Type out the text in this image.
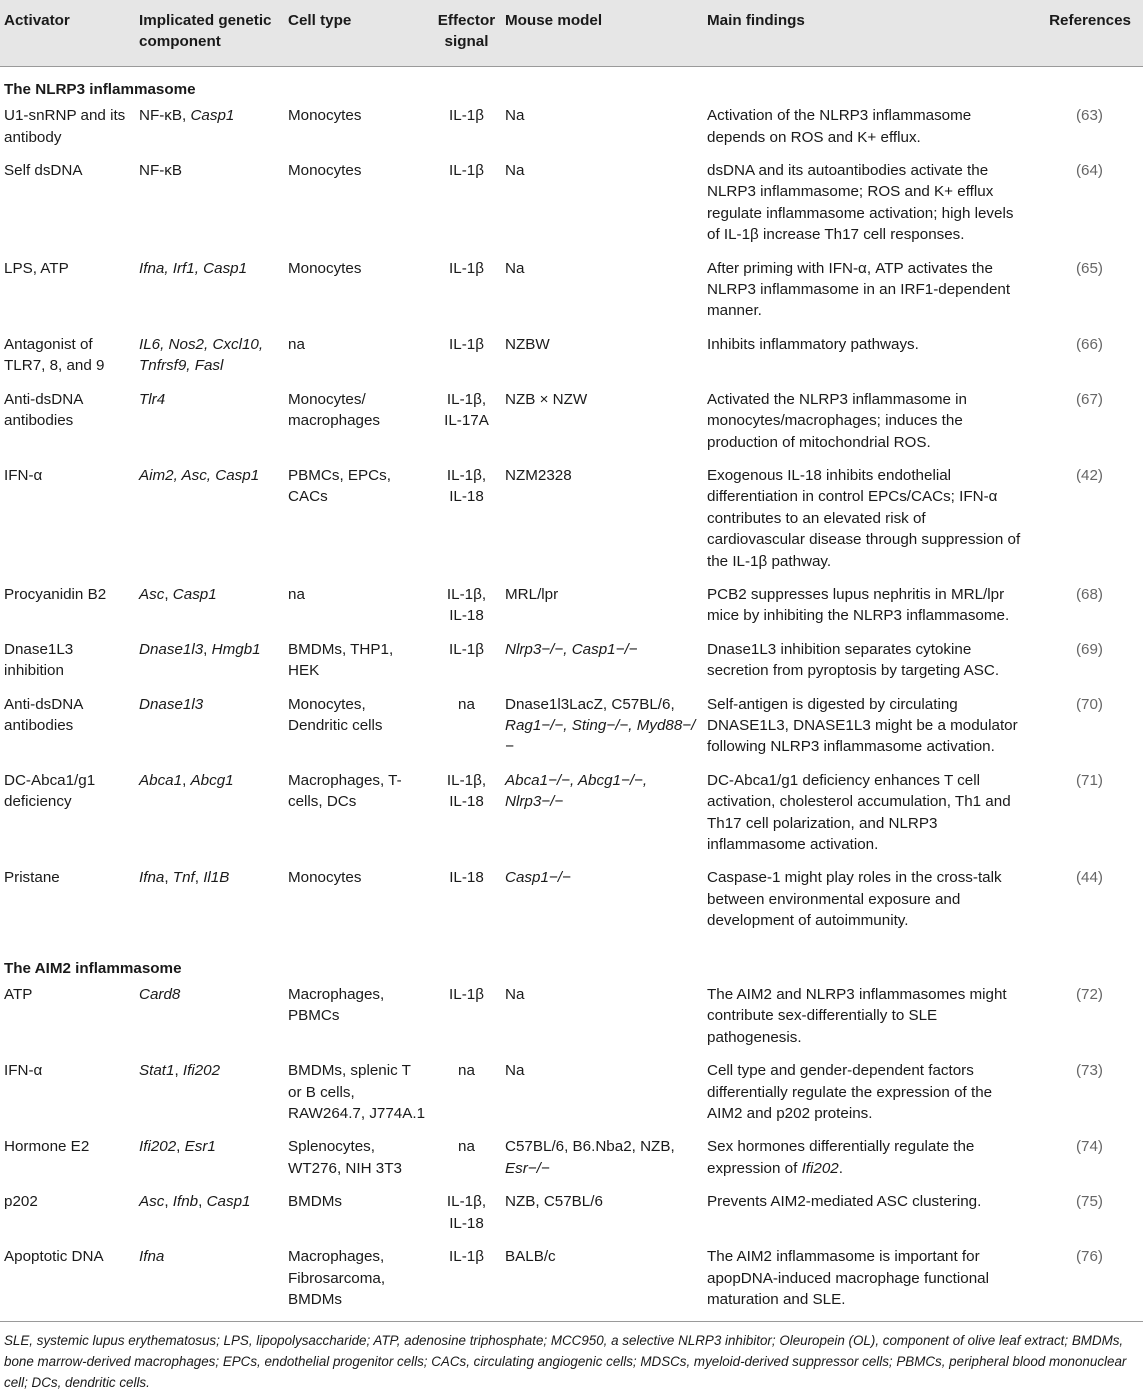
Activator	Implicated genetic component	Cell type	Effector signal	Mouse model	Main findings	References
The NLRP3 inflammasome						
U1-snRNP and its antibody	NF-κB, Casp1	Monocytes	IL-1β	Na	Activation of the NLRP3 inflammasome depends on ROS and K+ efflux.	(63)
Self dsDNA	NF-κB	Monocytes	IL-1β	Na	dsDNA and its autoantibodies activate the NLRP3 inflammasome; ROS and K+ efflux regulate inflammasome activation; high levels of IL-1β increase Th17 cell responses.	(64)
LPS, ATP	Ifna, Irf1, Casp1	Monocytes	IL-1β	Na	After priming with IFN-α, ATP activates the NLRP3 inflammasome in an IRF1-dependent manner.	(65)
Antagonist of TLR7, 8, and 9	IL6, Nos2, Cxcl10, Tnfrsf9, Fasl	na	IL-1β	NZBW	Inhibits inflammatory pathways.	(66)
Anti-dsDNA antibodies	Tlr4	Monocytes/ macrophages	IL-1β, IL-17A	NZB × NZW	Activated the NLRP3 inflammasome in monocytes/macrophages; induces the production of mitochondrial ROS.	(67)
IFN-α	Aim2, Asc, Casp1	PBMCs, EPCs, CACs	IL-1β, IL-18	NZM2328	Exogenous IL-18 inhibits endothelial differentiation in control EPCs/CACs; IFN-α contributes to an elevated risk of cardiovascular disease through suppression of the IL-1β pathway.	(42)
Procyanidin B2	Asc, Casp1	na	IL-1β, IL-18	MRL/lpr	PCB2 suppresses lupus nephritis in MRL/lpr mice by inhibiting the NLRP3 inflammasome.	(68)
Dnase1L3 inhibition	Dnase1l3, Hmgb1	BMDMs, THP1, HEK	IL-1β	Nlrp3−/−, Casp1−/−	Dnase1L3 inhibition separates cytokine secretion from pyroptosis by targeting ASC.	(69)
Anti-dsDNA antibodies	Dnase1l3	Monocytes, Dendritic cells	na	Dnase1l3LacZ, C57BL/6, Rag1−/−, Sting−/−, Myd88−/−	Self-antigen is digested by circulating DNASE1L3, DNASE1L3 might be a modulator following NLRP3 inflammasome activation.	(70)
DC-Abca1/g1 deficiency	Abca1, Abcg1	Macrophages, T-cells, DCs	IL-1β, IL-18	Abca1−/−, Abcg1−/−, Nlrp3−/−	DC-Abca1/g1 deficiency enhances T cell activation, cholesterol accumulation, Th1 and Th17 cell polarization, and NLRP3 inflammasome activation.	(71)
Pristane	Ifna, Tnf, Il1B	Monocytes	IL-18	Casp1−/−	Caspase-1 might play roles in the cross-talk between environmental exposure and development of autoimmunity.	(44)
The AIM2 inflammasome						
ATP	Card8	Macrophages, PBMCs	IL-1β	Na	The AIM2 and NLRP3 inflammasomes might contribute sex-differentially to SLE pathogenesis.	(72)
IFN-α	Stat1, Ifi202	BMDMs, splenic T or B cells, RAW264.7, J774A.1	na	Na	Cell type and gender-dependent factors differentially regulate the expression of the AIM2 and p202 proteins.	(73)
Hormone E2	Ifi202, Esr1	Splenocytes, WT276, NIH 3T3	na	C57BL/6, B6.Nba2, NZB, Esr−/−	Sex hormones differentially regulate the expression of Ifi202.	(74)
p202	Asc, Ifnb, Casp1	BMDMs	IL-1β, IL-18	NZB, C57BL/6	Prevents AIM2-mediated ASC clustering.	(75)
Apoptotic DNA	Ifna	Macrophages, Fibrosarcoma, BMDMs	IL-1β	BALB/c	The AIM2 inflammasome is important for apopDNA-induced macrophage functional maturation and SLE.	(76)
SLE, systemic lupus erythematosus; LPS, lipopolysaccharide; ATP, adenosine triphosphate; MCC950, a selective NLRP3 inhibitor; Oleuropein (OL), component of olive leaf extract; BMDMs, bone marrow-derived macrophages; EPCs, endothelial progenitor cells; CACs, circulating angiogenic cells; MDSCs, myeloid-derived suppressor cells; PBMCs, peripheral blood mononuclear cell; DCs, dendritic cells.
